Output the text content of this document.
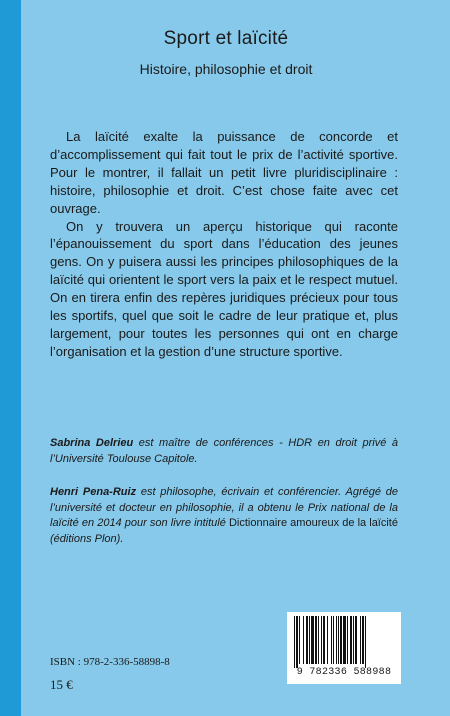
Sport et laïcité
Histoire, philosophie et droit

La laïcité exalte la puissance de concorde et d’accomplissement qui fait tout le prix de l’activité sportive. Pour le montrer, il fallait un petit livre pluridisciplinaire : histoire, philosophie et droit. C’est chose faite avec cet ouvrage.

On y trouvera un aperçu historique qui raconte l’épanouissement du sport dans l’éducation des jeunes gens. On y puisera aussi les principes philosophiques de la laïcité qui orientent le sport vers la paix et le respect mutuel. On en tirera enfin des repères juridiques précieux pour tous les sportifs, quel que soit le cadre de leur pratique et, plus largement, pour toutes les personnes qui ont en charge l’organisation et la gestion d’une structure sportive.

Sabrina Delrieu est maître de conférences - HDR en droit privé à l’Université Toulouse Capitole.
Henri Pena-Ruiz est philosophe, écrivain et conférencier. Agrégé de l’université et docteur en philosophie, il a obtenu le Prix national de la laïcité en 2014 pour son livre intitulé Dictionnaire amoureux de la laïcité (éditions Plon).
ISBN : 978-2-336-58898-8
15 €
9 782336 588988
